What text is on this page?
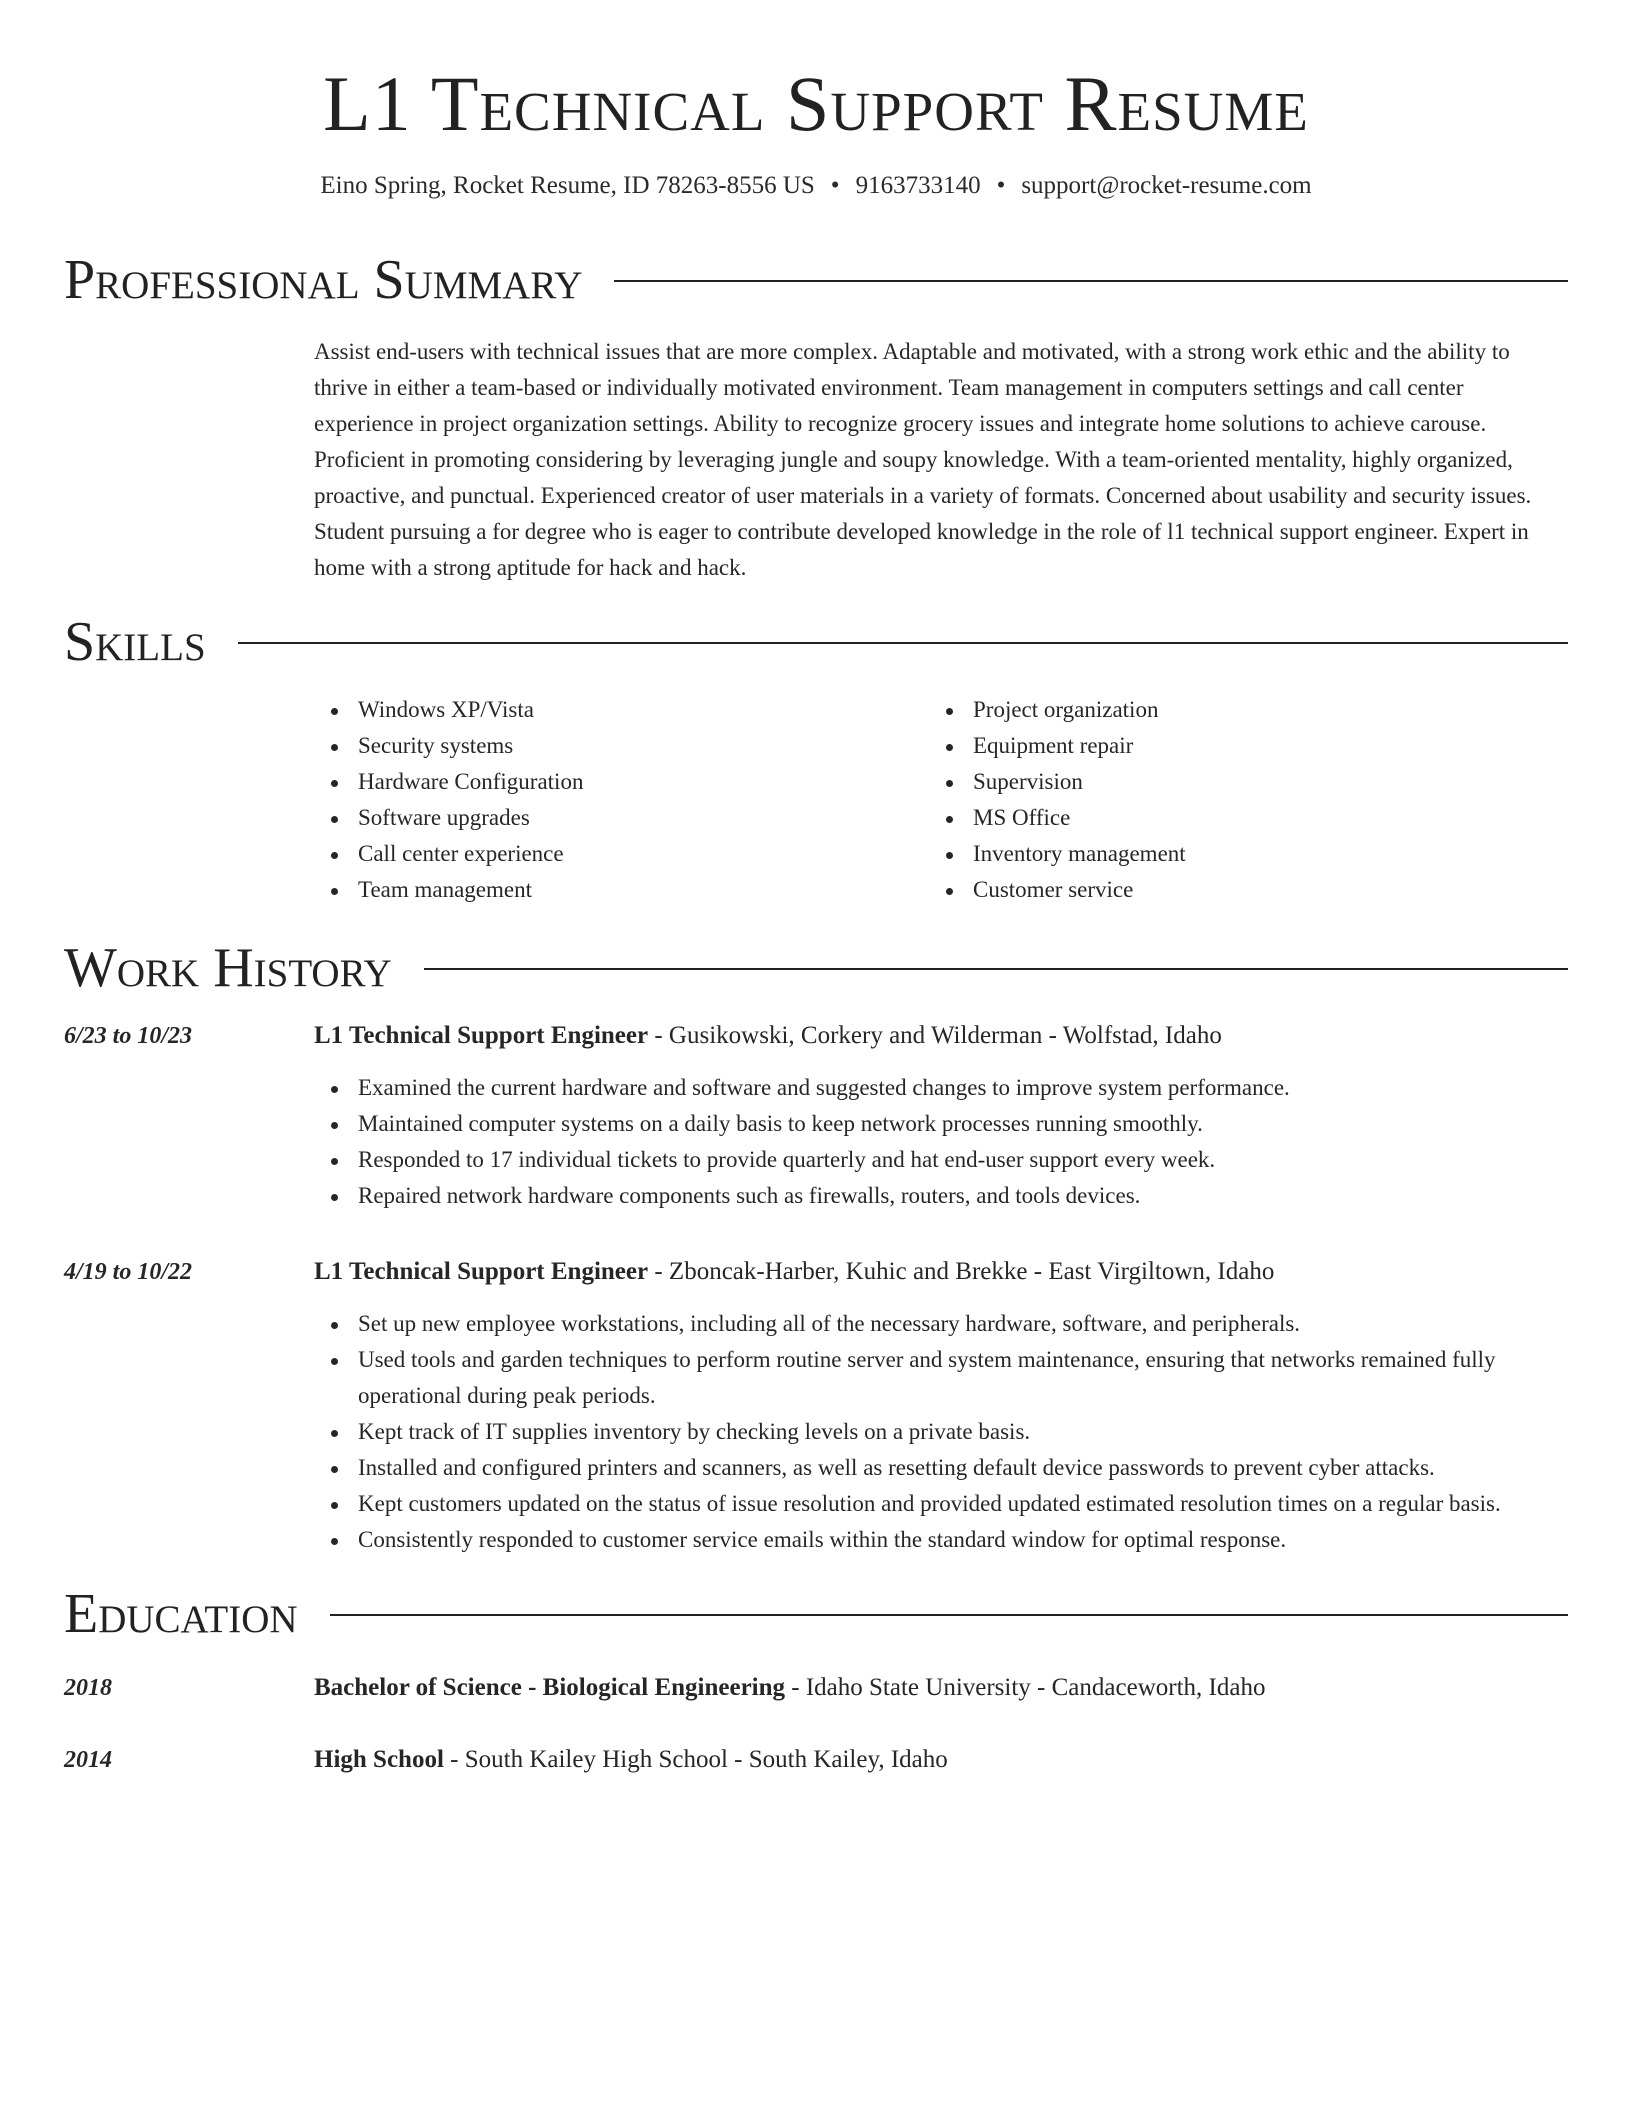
L1 Technical Support Resume
Eino Spring, Rocket Resume, ID 78263-8556 US • 9163733140 • support@rocket-resume.com
Professional Summary

Assist end-users with technical issues that are more complex. Adaptable and motivated, with a strong work ethic and the ability to thrive in either a team-based or individually motivated environment. Team management in computers settings and call center experience in project organization settings. Ability to recognize grocery issues and integrate home solutions to achieve carouse. Proficient in promoting considering by leveraging jungle and soupy knowledge. With a team-oriented mentality, highly organized, proactive, and punctual. Experienced creator of user materials in a variety of formats. Concerned about usability and security issues. Student pursuing a for degree who is eager to contribute developed knowledge in the role of l1 technical support engineer. Expert in home with a strong aptitude for hack and hack.

Skills
Windows XP/Vista
Security systems
Hardware Configuration
Software upgrades
Call center experience
Team management
Project organization
Equipment repair
Supervision
MS Office
Inventory management
Customer service
Work History
6/23 to 10/23	L1 Technical Support Engineer - Gusikowski, Corkery and Wilderman - Wolfstad, Idaho
Examined the current hardware and software and suggested changes to improve system performance.
Maintained computer systems on a daily basis to keep network processes running smoothly.
Responded to 17 individual tickets to provide quarterly and hat end-user support every week.
Repaired network hardware components such as firewalls, routers, and tools devices.
4/19 to 10/22	L1 Technical Support Engineer - Zboncak-Harber, Kuhic and Brekke - East Virgiltown, Idaho
Set up new employee workstations, including all of the necessary hardware, software, and peripherals.
Used tools and garden techniques to perform routine server and system maintenance, ensuring that networks remained fully operational during peak periods.
Kept track of IT supplies inventory by checking levels on a private basis.
Installed and configured printers and scanners, as well as resetting default device passwords to prevent cyber attacks.
Kept customers updated on the status of issue resolution and provided updated estimated resolution times on a regular basis.
Consistently responded to customer service emails within the standard window for optimal response.
Education
2018	Bachelor of Science - Biological Engineering - Idaho State University - Candaceworth, Idaho
2014	High School - South Kailey High School - South Kailey, Idaho
